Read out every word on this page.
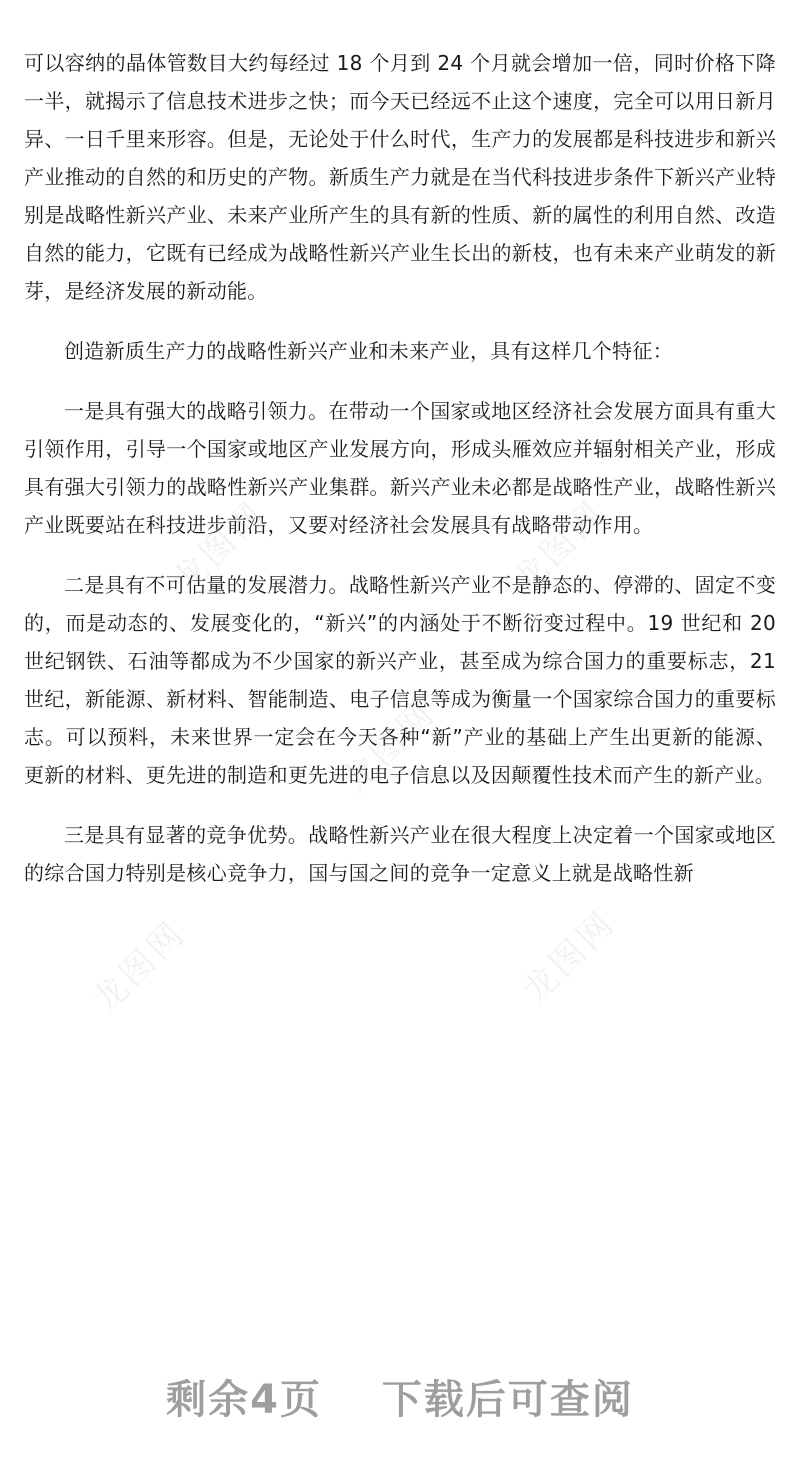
可以容纳的晶体管数目大约每经过 18 个月到 24 个月就会增加一倍，同时价格下降一半，就揭示了信息技术进步之快；而今天已经远不止这个速度，完全可以用日新月异、一日千里来形容。但是，无论处于什么时代，生产力的发展都是科技进步和新兴产业推动的自然的和历史的产物。新质生产力就是在当代科技进步条件下新兴产业特别是战略性新兴产业、未来产业所产生的具有新的性质、新的属性的利用自然、改造自然的能力，它既有已经成为战略性新兴产业生长出的新枝，也有未来产业萌发的新芽，是经济发展的新动能。

创造新质生产力的战略性新兴产业和未来产业，具有这样几个特征：

一是具有强大的战略引领力。在带动一个国家或地区经济社会发展方面具有重大引领作用，引导一个国家或地区产业发展方向，形成头雁效应并辐射相关产业，形成具有强大引领力的战略性新兴产业集群。新兴产业未必都是战略性产业，战略性新兴产业既要站在科技进步前沿，又要对经济社会发展具有战略带动作用。

二是具有不可估量的发展潜力。战略性新兴产业不是静态的、停滞的、固定不变的，而是动态的、发展变化的，“新兴”的内涵处于不断衍变过程中。19 世纪和 20 世纪钢铁、石油等都成为不少国家的新兴产业，甚至成为综合国力的重要标志，21 世纪，新能源、新材料、智能制造、电子信息等成为衡量一个国家综合国力的重要标志。可以预料，未来世界一定会在今天各种“新”产业的基础上产生出更新的能源、更新的材料、更先进的制造和更先进的电子信息以及因颠覆性技术而产生的新产业。

三是具有显著的竞争优势。战略性新兴产业在很大程度上决定着一个国家或地区的综合国力特别是核心竞争力，国与国之间的竞争一定意义上就是战略性新

龙图网	龙图网
龙图网
龙图网	龙图网
剩余4页 下载后可查阅
